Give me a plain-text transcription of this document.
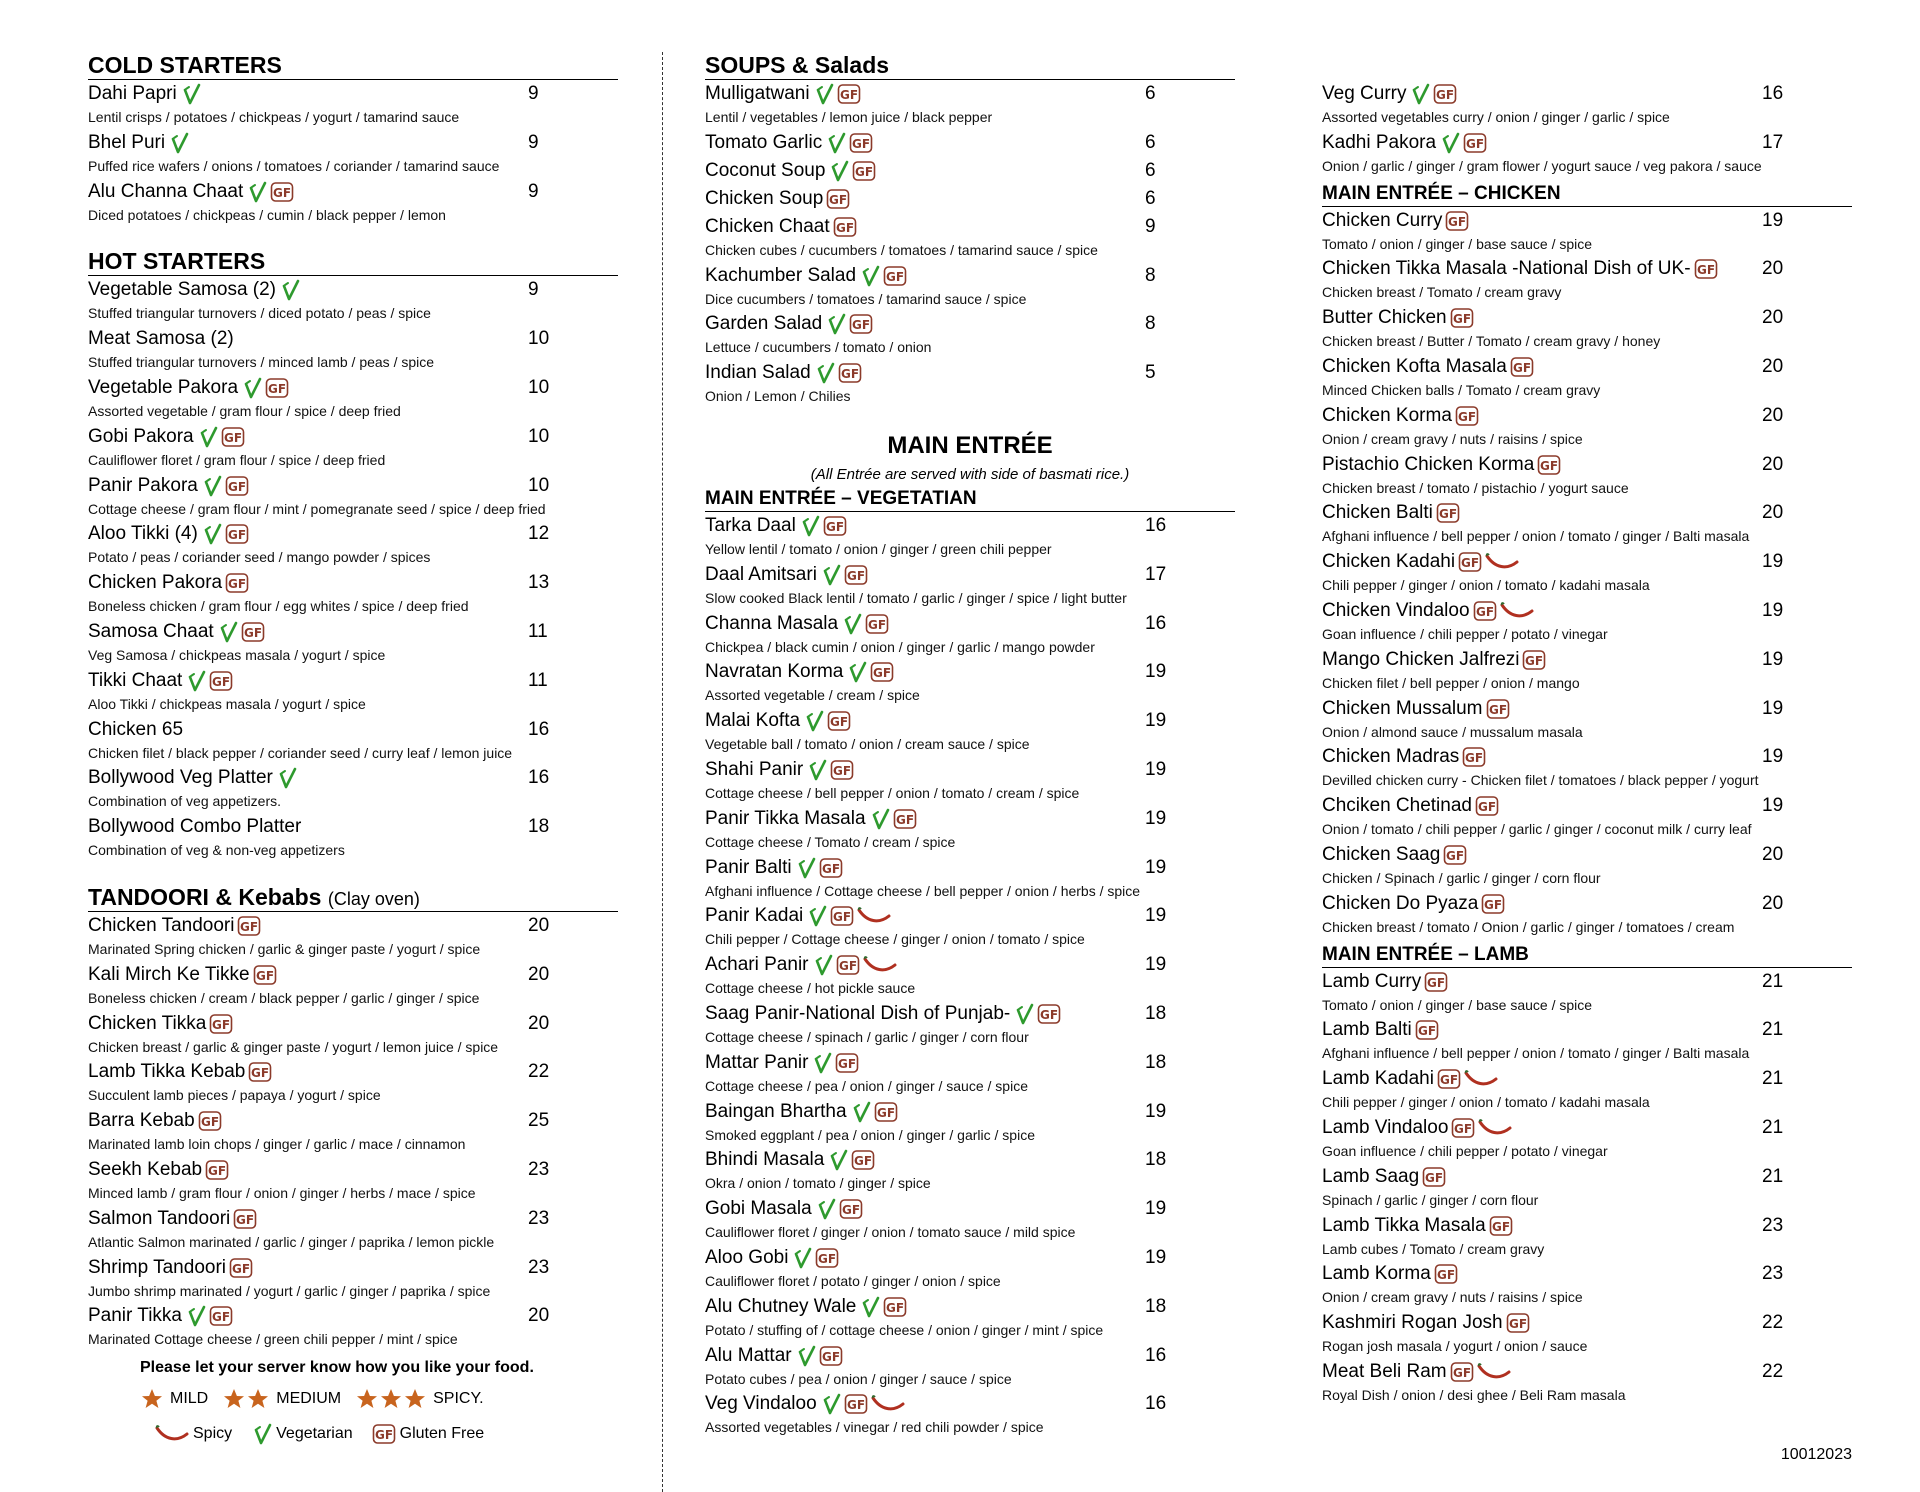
COLD STARTERS
Dahi Papri	9
Lentil crisps / potatoes / chickpeas / yogurt / tamarind sauce
Bhel Puri	9
Puffed rice wafers / onions / tomatoes / coriander / tamarind sauce
Alu Channa Chaat GF	9
Diced potatoes / chickpeas / cumin / black pepper / lemon
HOT STARTERS
Vegetable Samosa (2)	9
Stuffed triangular turnovers / diced potato / peas / spice
Meat Samosa (2)	10
Stuffed triangular turnovers / minced lamb / peas / spice
Vegetable Pakora GF	10
Assorted vegetable / gram flour / spice / deep fried
Gobi Pakora GF	10
Cauliflower floret / gram flour / spice / deep fried
Panir Pakora GF	10
Cottage cheese / gram flour / mint / pomegranate seed / spice / deep fried
Aloo Tikki (4) GF	12
Potato / peas / coriander seed / mango powder / spices
Chicken Pakora GF	13
Boneless chicken / gram flour / egg whites / spice / deep fried
Samosa Chaat GF	11
Veg Samosa / chickpeas masala / yogurt / spice
Tikki Chaat GF	11
Aloo Tikki / chickpeas masala / yogurt / spice
Chicken 65	16
Chicken filet / black pepper / coriander seed / curry leaf / lemon juice
Bollywood Veg Platter	16
Combination of veg appetizers.
Bollywood Combo Platter	18
Combination of veg & non-veg appetizers
TANDOORI & Kebabs (Clay oven)
Chicken Tandoori GF	20
Marinated Spring chicken / garlic & ginger paste / yogurt / spice
Kali Mirch Ke Tikke GF	20
Boneless chicken / cream / black pepper / garlic / ginger / spice
Chicken Tikka GF	20
Chicken breast / garlic & ginger paste / yogurt / lemon juice / spice
Lamb Tikka Kebab GF	22
Succulent lamb pieces / papaya / yogurt / spice
Barra Kebab GF	25
Marinated lamb loin chops / ginger / garlic / mace / cinnamon
Seekh Kebab GF	23
Minced lamb / gram flour / onion / ginger / herbs / mace / spice
Salmon Tandoori GF	23
Atlantic Salmon marinated / garlic / ginger / paprika / lemon pickle
Shrimp Tandoori GF	23
Jumbo shrimp marinated / yogurt / garlic / ginger / paprika / spice
Panir Tikka GF	20
Marinated Cottage cheese / green chili pepper / mint / spice
Please let your server know how you like your food.
MILD	MEDIUM	SPICY.
Spicy	Vegetarian GF Gluten Free
SOUPS & Salads
Mulligatwani GF	6
Lentil / vegetables / lemon juice / black pepper
Tomato Garlic GF	6
Coconut Soup GF	6
Chicken Soup GF	6
Chicken Chaat GF	9
Chicken cubes / cucumbers / tomatoes / tamarind sauce / spice
Kachumber Salad GF	8
Dice cucumbers / tomatoes / tamarind sauce / spice
Garden Salad GF	8
Lettuce / cucumbers / tomato / onion
Indian Salad GF	5
Onion / Lemon / Chilies
MAIN ENTRÉE
(All Entrée are served with side of basmati rice.)
MAIN ENTRÉE – VEGETATIAN
Tarka Daal GF	16
Yellow lentil / tomato / onion / ginger / green chili pepper
Daal Amitsari GF	17
Slow cooked Black lentil / tomato / garlic / ginger / spice / light butter
Channa Masala GF	16
Chickpea / black cumin / onion / ginger / garlic / mango powder
Navratan Korma GF	19
Assorted vegetable / cream / spice
Malai Kofta GF	19
Vegetable ball / tomato / onion / cream sauce / spice
Shahi Panir GF	19
Cottage cheese / bell pepper / onion / tomato / cream / spice
Panir Tikka Masala GF	19
Cottage cheese / Tomato / cream / spice
Panir Balti GF	19
Afghani influence / Cottage cheese / bell pepper / onion / herbs / spice
Panir Kadai GF	19
Chili pepper / Cottage cheese / ginger / onion / tomato / spice
Achari Panir GF	19
Cottage cheese / hot pickle sauce
Saag Panir-National Dish of Punjab- GF	18
Cottage cheese / spinach / garlic / ginger / corn flour
Mattar Panir GF	18
Cottage cheese / pea / onion / ginger / sauce / spice
Baingan Bhartha GF	19
Smoked eggplant / pea / onion / ginger / garlic / spice
Bhindi Masala GF	18
Okra / onion / tomato / ginger / spice
Gobi Masala GF	19
Cauliflower floret / ginger / onion / tomato sauce / mild spice
Aloo Gobi GF	19
Cauliflower floret / potato / ginger / onion / spice
Alu Chutney Wale GF	18
Potato / stuffing of / cottage cheese / onion / ginger / mint / spice
Alu Mattar GF	16
Potato cubes / pea / onion / ginger / sauce / spice
Veg Vindaloo GF	16
Assorted vegetables / vinegar / red chili powder / spice
Veg Curry GF	16
Assorted vegetables curry / onion / ginger / garlic / spice
Kadhi Pakora GF	17
Onion / garlic / ginger / gram flower / yogurt sauce / veg pakora / sauce
MAIN ENTRÉE – CHICKEN
Chicken Curry GF	19
Tomato / onion / ginger / base sauce / spice
Chicken Tikka Masala -National Dish of UK- GF 20
Chicken breast / Tomato / cream gravy
Butter Chicken GF	20
Chicken breast / Butter / Tomato / cream gravy / honey
Chicken Kofta Masala GF	20
Minced Chicken balls / Tomato / cream gravy
Chicken Korma GF	20
Onion / cream gravy / nuts / raisins / spice
Pistachio Chicken Korma GF	20
Chicken breast / tomato / pistachio / yogurt sauce
Chicken Balti GF	20
Afghani influence / bell pepper / onion / tomato / ginger / Balti masala
Chicken Kadahi GF	19
Chili pepper / ginger / onion / tomato / kadahi masala
Chicken Vindaloo GF	19
Goan influence / chili pepper / potato / vinegar
Mango Chicken Jalfrezi GF	19
Chicken filet / bell pepper / onion / mango
Chicken Mussalum GF	19
Onion / almond sauce / mussalum masala
Chicken Madras GF	19
Devilled chicken curry - Chicken filet / tomatoes / black pepper / yogurt
Chciken Chetinad GF	19
Onion / tomato / chili pepper / garlic / ginger / coconut milk / curry leaf
Chicken Saag GF	20
Chicken / Spinach / garlic / ginger / corn flour
Chicken Do Pyaza GF	20
Chicken breast / tomato / Onion / garlic / ginger / tomatoes / cream
MAIN ENTRÉE – LAMB
Lamb Curry GF	21
Tomato / onion / ginger / base sauce / spice
Lamb Balti GF	21
Afghani influence / bell pepper / onion / tomato / ginger / Balti masala
Lamb Kadahi GF	21
Chili pepper / ginger / onion / tomato / kadahi masala
Lamb Vindaloo GF	21
Goan influence / chili pepper / potato / vinegar
Lamb Saag GF	21
Spinach / garlic / ginger / corn flour
Lamb Tikka Masala GF	23
Lamb cubes / Tomato / cream gravy
Lamb Korma GF	23
Onion / cream gravy / nuts / raisins / spice
Kashmiri Rogan Josh GF	22
Rogan josh masala / yogurt / onion / sauce
Meat Beli Ram GF	22
Royal Dish / onion / desi ghee / Beli Ram masala
10012023
